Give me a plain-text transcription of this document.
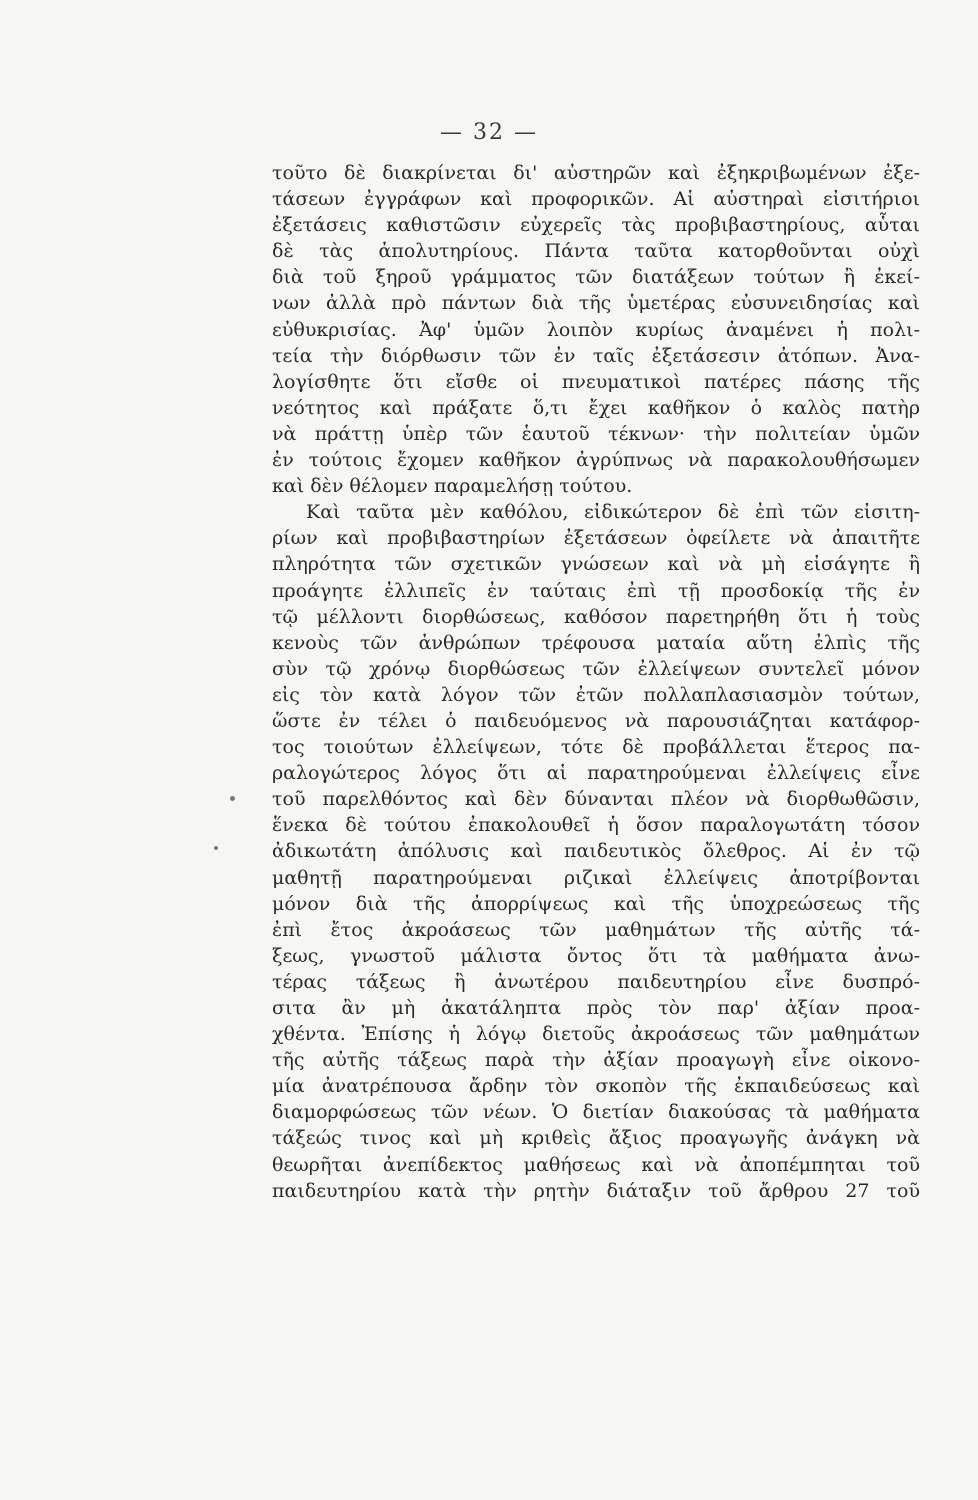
— 32 —
τοῦτο δὲ διακρίνεται δι' αὐστηρῶν καὶ ἐξηκριβωμένων ἐξε-
τάσεων ἐγγράφων καὶ προφορικῶν. Αἱ αὐστηραὶ εἰσιτήριοι
ἐξετάσεις καθιστῶσιν εὐχερεῖς τὰς προβιβαστηρίους, αὗται
δὲ τὰς ἀπολυτηρίους. Πάντα ταῦτα κατορθοῦνται οὐχὶ
διὰ τοῦ ξηροῦ γράμματος τῶν διατάξεων τούτων ἢ ἐκεί-
νων ἀλλὰ πρὸ πάντων διὰ τῆς ὑμετέρας εὐσυνειδησίας καὶ
εὐθυκρισίας. Ἀφ' ὑμῶν λοιπὸν κυρίως ἀναμένει ἡ πολι-
τεία τὴν διόρθωσιν τῶν ἐν ταῖς ἐξετάσεσιν ἀτόπων. Ἀνα-
λογίσθητε ὅτι εἴσθε οἱ πνευματικοὶ πατέρες πάσης τῆς
νεότητος καὶ πράξατε ὅ,τι ἔχει καθῆκον ὁ καλὸς πατὴρ
νὰ πράττῃ ὑπὲρ τῶν ἑαυτοῦ τέκνων· τὴν πολιτείαν ὑμῶν
ἐν τούτοις ἔχομεν καθῆκον ἀγρύπνως νὰ παρακολουθήσωμεν
καὶ δὲν θέλομεν παραμελήσῃ τούτου.
Καὶ ταῦτα μὲν καθόλου, εἰδικώτερον δὲ ἐπὶ τῶν εἰσιτη-
ρίων καὶ προβιβαστηρίων ἐξετάσεων ὀφείλετε νὰ ἀπαιτῆτε
πληρότητα τῶν σχετικῶν γνώσεων καὶ νὰ μὴ εἰσάγητε ἢ
προάγητε ἐλλιπεῖς ἐν ταύταις ἐπὶ τῇ προσδοκίᾳ τῆς ἐν
τῷ μέλλοντι διορθώσεως, καθόσον παρετηρήθη ὅτι ἡ τοὺς
κενοὺς τῶν ἀνθρώπων τρέφουσα ματαία αὕτη ἐλπὶς τῆς
σὺν τῷ χρόνῳ διορθώσεως τῶν ἐλλείψεων συντελεῖ μόνον
εἰς τὸν κατὰ λόγον τῶν ἐτῶν πολλαπλασιασμὸν τούτων,
ὥστε ἐν τέλει ὁ παιδευόμενος νὰ παρουσιάζηται κατάφορ-
τος τοιούτων ἐλλείψεων, τότε δὲ προβάλλεται ἕτερος πα-
ραλογώτερος λόγος ὅτι αἱ παρατηρούμεναι ἐλλείψεις εἶνε
τοῦ παρελθόντος καὶ δὲν δύνανται πλέον νὰ διορθωθῶσιν,
ἕνεκα δὲ τούτου ἐπακολουθεῖ ἡ ὅσον παραλογωτάτη τόσον
ἀδικωτάτη ἀπόλυσις καὶ παιδευτικὸς ὄλεθρος. Αἱ ἐν τῷ
μαθητῇ παρατηρούμεναι ριζικαὶ ἐλλείψεις ἀποτρίβονται
μόνον διὰ τῆς ἀπορρίψεως καὶ τῆς ὑποχρεώσεως τῆς
ἐπὶ ἔτος ἀκροάσεως τῶν μαθημάτων τῆς αὐτῆς τά-
ξεως, γνωστοῦ μάλιστα ὄντος ὅτι τὰ μαθήματα ἀνω-
τέρας τάξεως ἢ ἀνωτέρου παιδευτηρίου εἶνε δυσπρό-
σιτα ἂν μὴ ἀκατάληπτα πρὸς τὸν παρ' ἀξίαν προα-
χθέντα. Ἐπίσης ἡ λόγῳ διετοῦς ἀκροάσεως τῶν μαθημάτων
τῆς αὐτῆς τάξεως παρὰ τὴν ἀξίαν προαγωγὴ εἶνε οἰκονο-
μία ἀνατρέπουσα ἄρδην τὸν σκοπὸν τῆς ἐκπαιδεύσεως καὶ
διαμορφώσεως τῶν νέων. Ὁ διετίαν διακούσας τὰ μαθήματα
τάξεώς τινος καὶ μὴ κριθεὶς ἄξιος προαγωγῆς ἀνάγκη νὰ
θεωρῆται ἀνεπίδεκτος μαθήσεως καὶ νὰ ἀποπέμπηται τοῦ
παιδευτηρίου κατὰ τὴν ρητὴν διάταξιν τοῦ ἄρθρου 27 τοῦ
